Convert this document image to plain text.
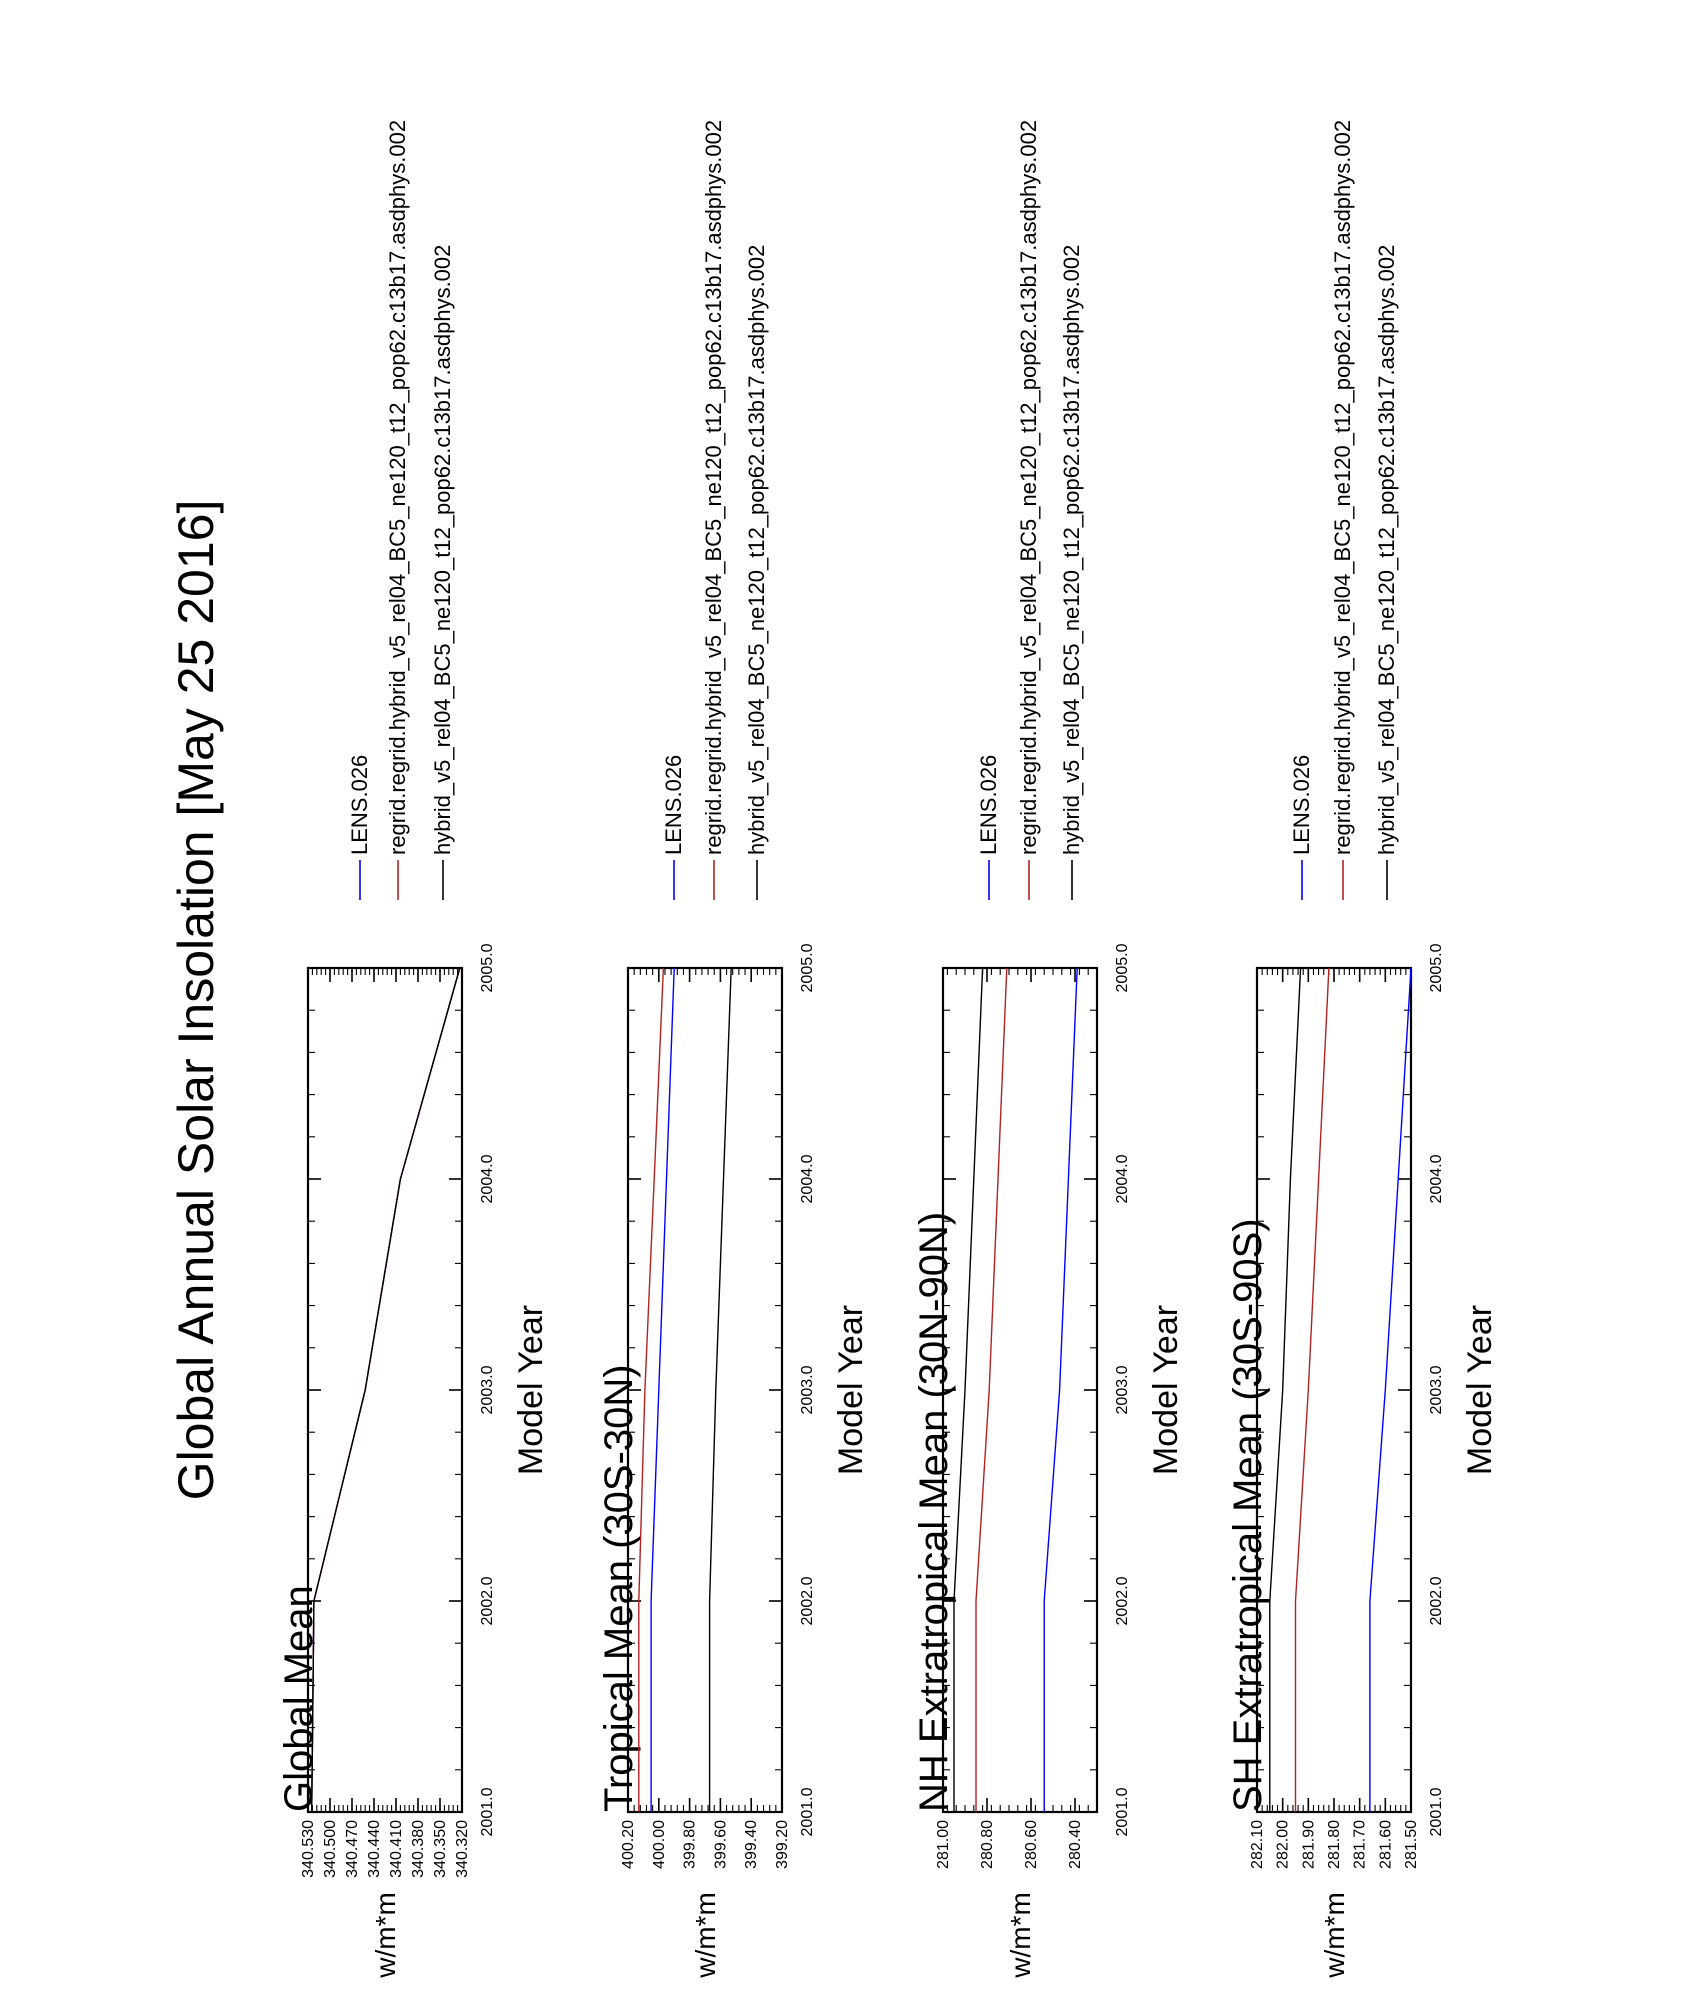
Global Annual Solar Insolation [May 25 2016]
2001.0
2002.0
2003.0
2004.0
2005.0
340.530 340.500 340.470 340.440 340.410 340.380 340.350 340.320
w/m*m
Global Mean
Model Year
LENS.026 regrid.regrid.hybrid_v5_rel04_BC5_ne120_t12_pop62.c13b17.asdphys.002 hybrid_v5_rel04_BC5_ne120_t12_pop62.c13b17.asdphys.002
2001.0
2002.0
2003.0
2004.0
2005.0
400.20 400.00 399.80 399.60 399.40 399.20
w/m*m
Tropical Mean (30S-30N)	Model Year
LENS.026 regrid.regrid.hybrid_v5_rel04_BC5_ne120_t12_pop62.c13b17.asdphys.002 hybrid_v5_rel04_BC5_ne120_t12_pop62.c13b17.asdphys.002
2001.0
2002.0
2003.0
2004.0
2005.0
281.00 280.80 280.60 280.40
w/m*m
NH Extratropical Mean (30N-90N)	Model Year
LENS.026 regrid.regrid.hybrid_v5_rel04_BC5_ne120_t12_pop62.c13b17.asdphys.002 hybrid_v5_rel04_BC5_ne120_t12_pop62.c13b17.asdphys.002
2001.0
2002.0
2003.0
2004.0
2005.0
282.10 282.00 281.90 281.80 281.70 281.60 281.50
w/m*m
SH Extratropical Mean (30S-90S)	Model Year
LENS.026 regrid.regrid.hybrid_v5_rel04_BC5_ne120_t12_pop62.c13b17.asdphys.002 hybrid_v5_rel04_BC5_ne120_t12_pop62.c13b17.asdphys.002
